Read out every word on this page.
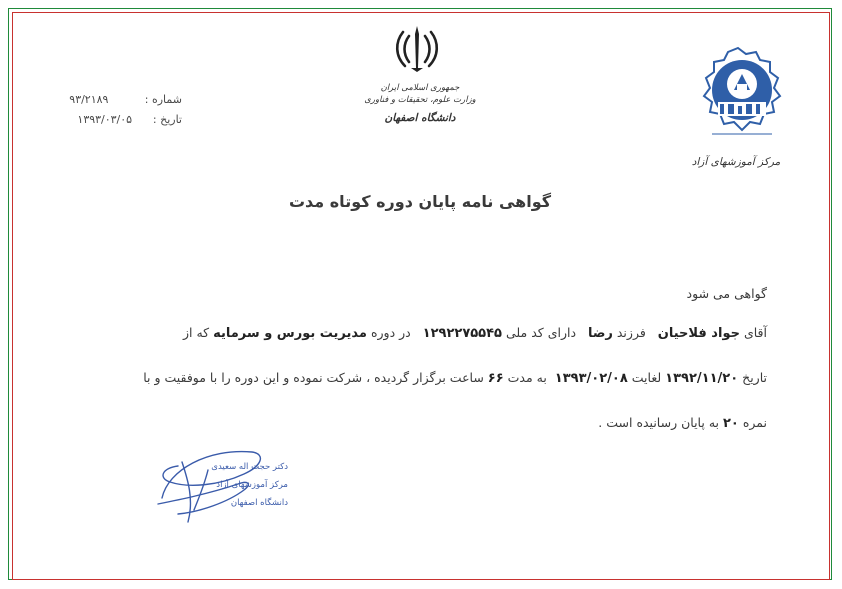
شماره : ۹۳/۲۱۸۹
تاریخ : ۱۳۹۳/۰۳/۰۵
جمهوری اسلامی ایران
وزارت علوم، تحقیقات و فناوری
دانشگاه اصفهان
مرکز آموزشهای آزاد
گواهی نامه پایان دوره کوتاه مدت
گواهی می شود
آقای جواد فلاحیان   فرزند رضا   دارای کد ملی ۱۲۹۲۲۷۵۵۴۵   در دوره مدیریت بورس و سرمایه که از
تاریخ ۱۳۹۲/۱۱/۲۰ لغایت ۱۳۹۳/۰۲/۰۸  به مدت ۶۶ ساعت برگزار گردیده ، شرکت نموده و این دوره را با موفقیت و با
نمره ۲۰ به پایان رسانیده است .
دکتر حجت اله سعیدی
مرکز آموزشهای آزاد
دانشگاه اصفهان
